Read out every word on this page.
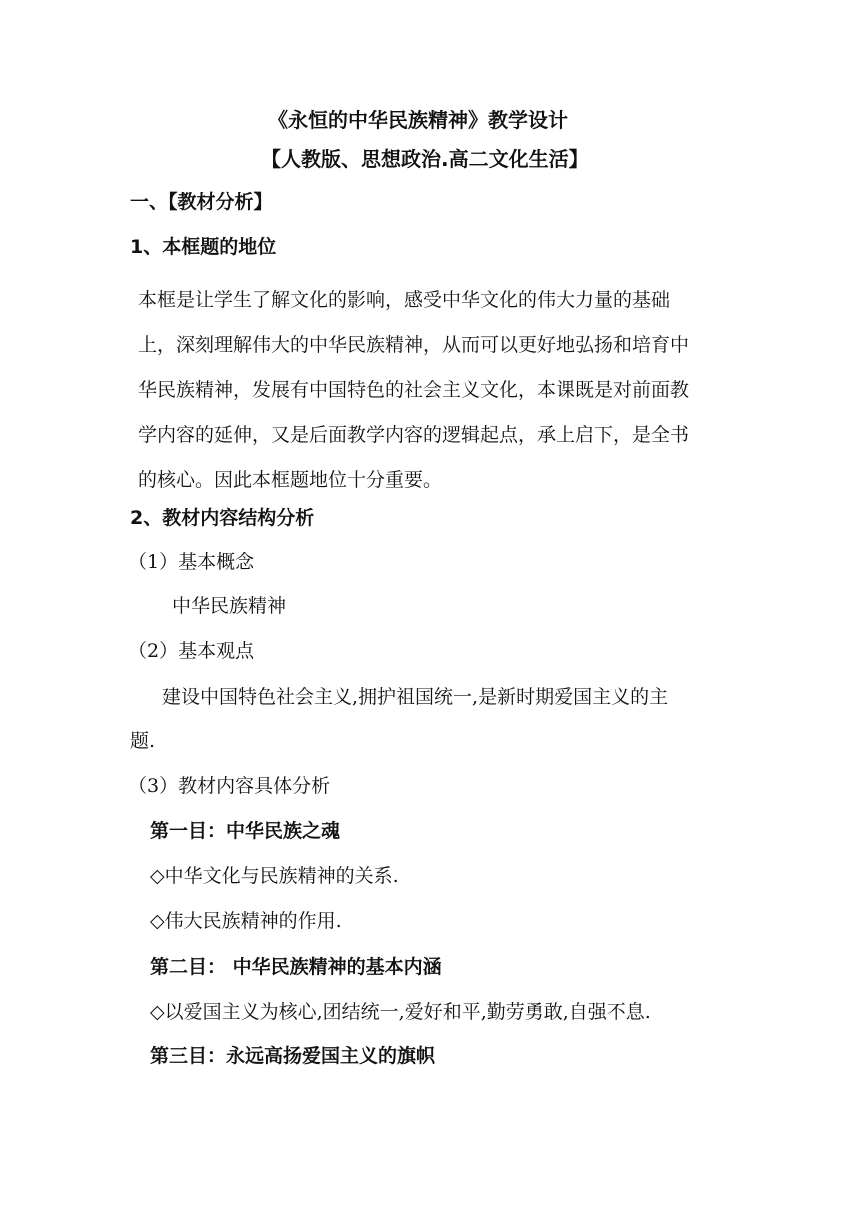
《永恒的中华民族精神》教学设计
【人教版、思想政治.高二文化生活】
一、【教材分析】
1、本框题的地位
本框是让学生了解文化的影响，感受中华文化的伟大力量的基础
上，深刻理解伟大的中华民族精神，从而可以更好地弘扬和培育中
华民族精神，发展有中国特色的社会主义文化，本课既是对前面教
学内容的延伸，又是后面教学内容的逻辑起点，承上启下，是全书
的核心。因此本框题地位十分重要。
2、教材内容结构分析
（1）基本概念
中华民族精神
（2）基本观点
建设中国特色社会主义,拥护祖国统一,是新时期爱国主义的主
题.
（3）教材内容具体分析
第一目：中华民族之魂
◇中华文化与民族精神的关系.
◇伟大民族精神的作用.
第二目： 中华民族精神的基本内涵
◇以爱国主义为核心,团结统一,爱好和平,勤劳勇敢,自强不息.
第三目：永远高扬爱国主义的旗帜
